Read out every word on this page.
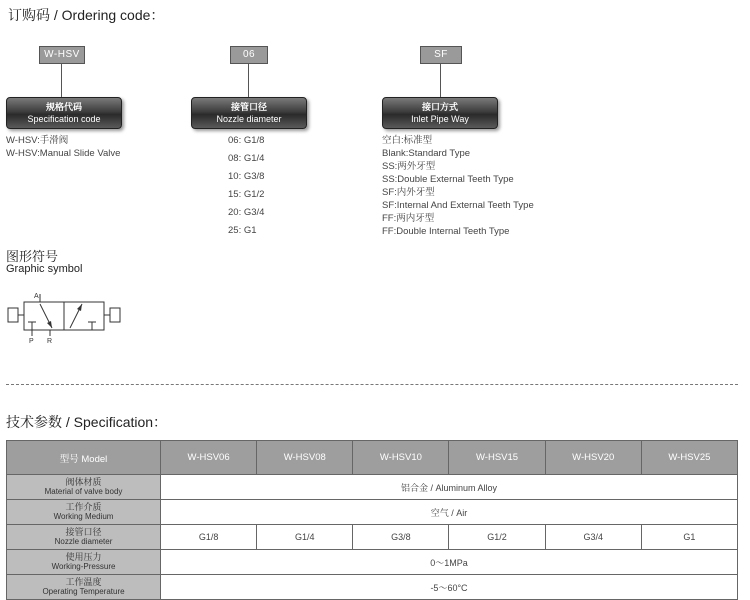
订购码 / Ordering code：
W-HSV
规格代码
Specification code
W-HSV:手滑阀
W-HSV:Manual Slide Valve
06
接管口径
Nozzle diameter
06: G1/8
08: G1/4
10: G3/8
15: G1/2
20: G3/4
25: G1
SF
接口方式
Inlet Pipe Way
空白:标准型
Blank:Standard Type
SS:两外牙型
SS:Double External Teeth Type
SF:内外牙型
SF:Internal And External Teeth Type
FF:两内牙型
FF:Double Internal Teeth Type
图形符号
Graphic symbol
A
P R
技术参数 / Specification：
型号 Model	W-HSV06	W-HSV08	W-HSV10	W-HSV15	W-HSV20	W-HSV25

阀体材质
Material of valve body	铝合金 / Aluminum Alloy					

工作介质
Working Medium	空气 / Air					

接管口径
Nozzle diameter	G1/8	G1/4	G3/8	G1/2	G3/4	G1

使用压力
Working-Pressure	0～1MPa					

工作温度
Operating Temperature	-5～60°C					
